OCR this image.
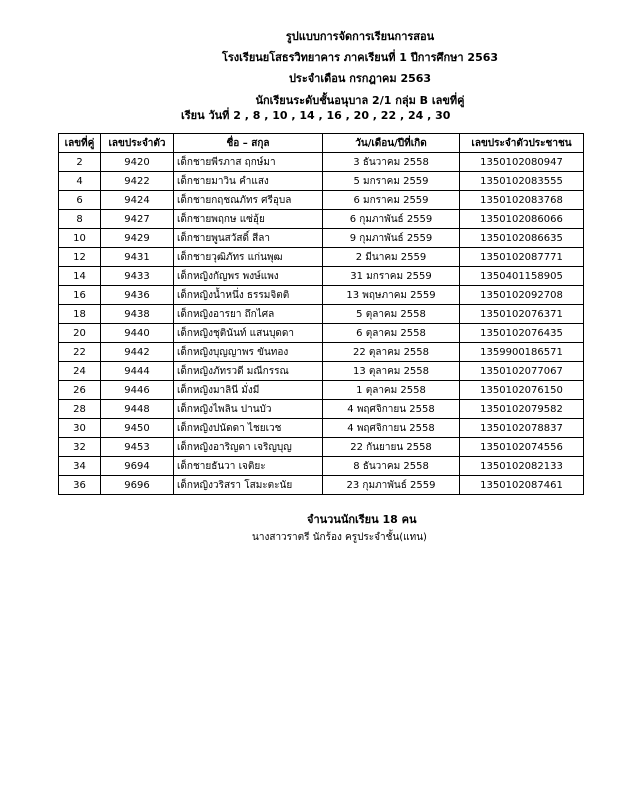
รูปแบบการจัดการเรียนการสอน
โรงเรียนยโสธรวิทยาคาร ภาคเรียนที่ 1 ปีการศึกษา 2563
ประจำเดือน กรกฎาคม 2563
นักเรียนระดับชั้นอนุบาล 2/1 กลุ่ม B เลขที่คู่
เรียน วันที่ 2 , 8 , 10 , 14 , 16 , 20 , 22 , 24 , 30
เลขที่คู่	เลขประจำตัว	ชื่อ – สกุล	วัน/เดือน/ปีที่เกิด	เลขประจำตัวประชาชน
2	9420	เด็กชายพีรภาส ฤกษ์มา	3 ธันวาคม 2558	1350102080947
4	9422	เด็กชายมาวิน คำแสง	5 มกราคม 2559	1350102083555
6	9424	เด็กชายกฤชณภัทร ศรีอุบล	6 มกราคม 2559	1350102083768
8	9427	เด็กชายพฤกษ แซ่อุ้ย	6 กุมภาพันธ์ 2559	1350102086066
10	9429	เด็กชายพูนสวัสดิ์ สีลา	9 กุมภาพันธ์ 2559	1350102086635
12	9431	เด็กชายวุฒิภัทร แก่นพุฒ	2 มีนาคม 2559	1350102087771
14	9433	เด็กหญิงกัญพร พงษ์แพง	31 มกราคม 2559	1350401158905
16	9436	เด็กหญิงน้ำหนึ่ง ธรรมจิตติ	13 พฤษภาคม 2559	1350102092708
18	9438	เด็กหญิงอารยา ถึกไศล	5 ตุลาคม 2558	1350102076371
20	9440	เด็กหญิงชุตินันท์ แสนบุดดา	6 ตุลาคม 2558	1350102076435
22	9442	เด็กหญิงบุญญาพร ขันทอง	22 ตุลาคม 2558	1359900186571
24	9444	เด็กหญิงภัทรวดี มณีกรรณ	13 ตุลาคม 2558	1350102077067
26	9446	เด็กหญิงมาลินี มั่งมี	1 ตุลาคม 2558	1350102076150
28	9448	เด็กหญิงไพลิน ปานบัว	4 พฤศจิกายน 2558	1350102079582
30	9450	เด็กหญิงปนัดดา ไชยเวช	4 พฤศจิกายน 2558	1350102078837
32	9453	เด็กหญิงอาริญดา เจริญบุญ	22 กันยายน 2558	1350102074556
34	9694	เด็กชายธันวา เจติยะ	8 ธันวาคม 2558	1350102082133
36	9696	เด็กหญิงวริสรา โสมะตะนัย	23 กุมภาพันธ์ 2559	1350102087461
จำนวนนักเรียน 18 คน
นางสาวราตรี นักร้อง ครูประจำชั้น(แทน)
